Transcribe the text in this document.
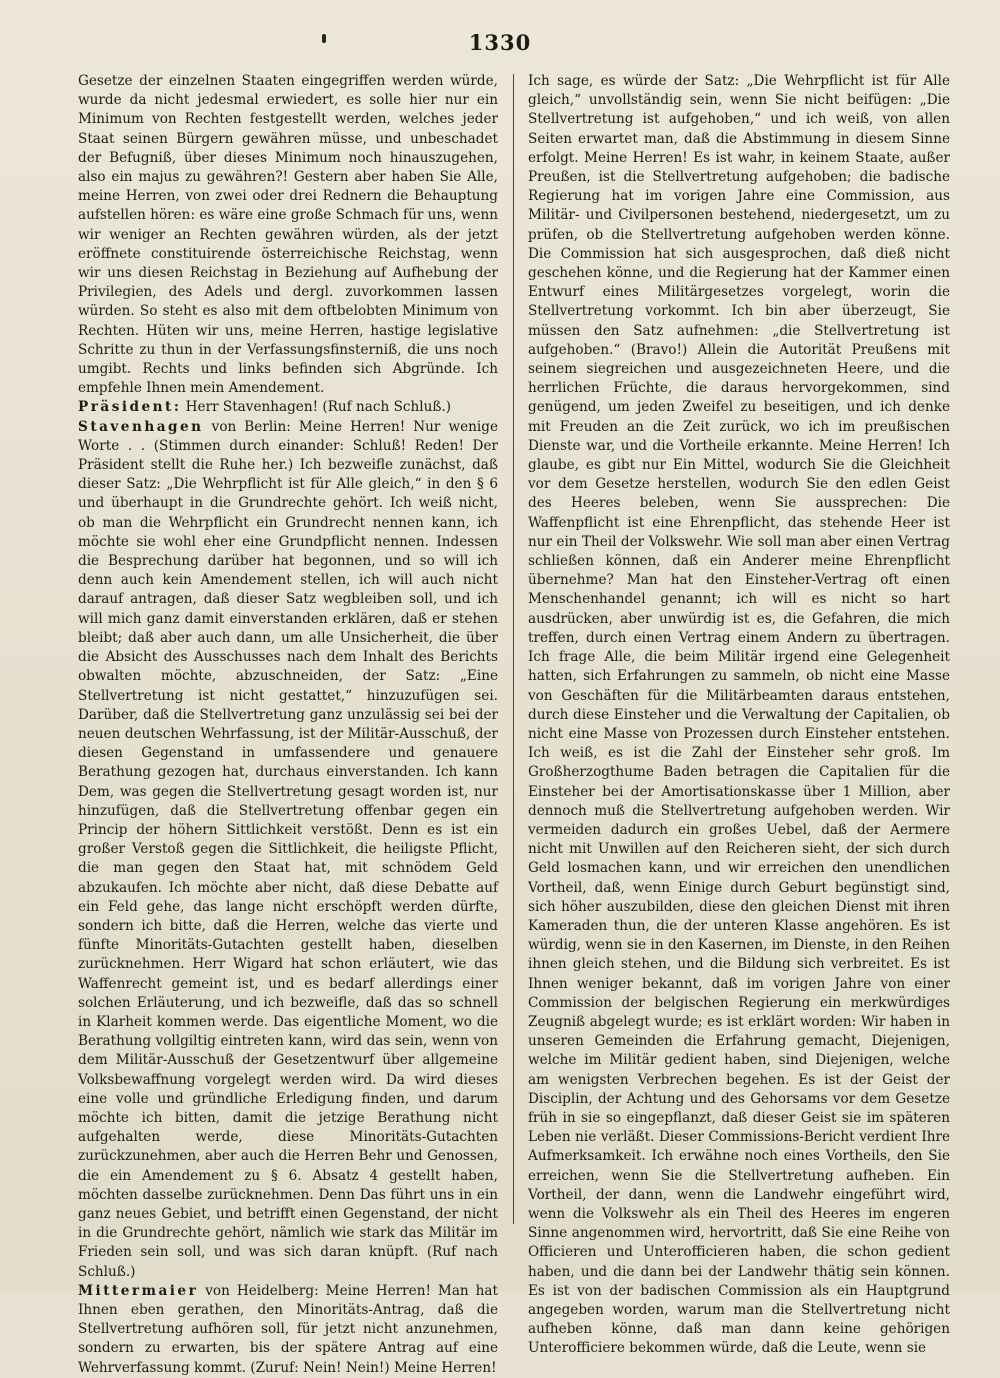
1330

Gesetze der einzelnen Staaten eingegriffen werden würde, wurde da nicht jedesmal erwiedert, es solle hier nur ein Minimum von Rechten festgestellt werden, welches jeder Staat seinen Bürgern gewähren müsse, und unbeschadet der Befugniß, über dieses Minimum noch hinauszugehen, also ein majus zu gewähren?! Gestern aber haben Sie Alle, meine Herren, von zwei oder drei Rednern die Behauptung aufstellen hören: es wäre eine große Schmach für uns, wenn wir weniger an Rechten gewähren würden, als der jetzt eröffnete constituirende österreichische Reichstag, wenn wir uns diesen Reichstag in Beziehung auf Aufhebung der Privilegien, des Adels und dergl. zuvorkommen lassen würden. So steht es also mit dem oftbelobten Minimum von Rechten. Hüten wir uns, meine Herren, hastige legislative Schritte zu thun in der Verfassungsfinsterniß, die uns noch umgibt. Rechts und links befinden sich Abgründe. Ich empfehle Ihnen mein Amendement.

Präsident: Herr Stavenhagen! (Ruf nach Schluß.)

Stavenhagen von Berlin: Meine Herren! Nur wenige Worte . . (Stimmen durch einander: Schluß! Reden! Der Präsident stellt die Ruhe her.) Ich bezweifle zunächst, daß dieser Satz: „Die Wehrpflicht ist für Alle gleich,“ in den § 6 und überhaupt in die Grundrechte gehört. Ich weiß nicht, ob man die Wehrpflicht ein Grundrecht nennen kann, ich möchte sie wohl eher eine Grundpflicht nennen. Indessen die Besprechung darüber hat begonnen, und so will ich denn auch kein Amendement stellen, ich will auch nicht darauf antragen, daß dieser Satz wegbleiben soll, und ich will mich ganz damit einverstanden erklären, daß er stehen bleibt; daß aber auch dann, um alle Unsicherheit, die über die Absicht des Ausschusses nach dem Inhalt des Berichts obwalten möchte, abzuschneiden, der Satz: „Eine Stellvertretung ist nicht gestattet,“ hinzuzufügen sei. Darüber, daß die Stellvertretung ganz unzulässig sei bei der neuen deutschen Wehrfassung, ist der Militär-Ausschuß, der diesen Gegenstand in umfassendere und genauere Berathung gezogen hat, durchaus einverstanden. Ich kann Dem, was gegen die Stellvertretung gesagt worden ist, nur hinzufügen, daß die Stellvertretung offenbar gegen ein Princip der höhern Sittlichkeit verstößt. Denn es ist ein großer Verstoß gegen die Sittlichkeit, die heiligste Pflicht, die man gegen den Staat hat, mit schnödem Geld abzukaufen. Ich möchte aber nicht, daß diese Debatte auf ein Feld gehe, das lange nicht erschöpft werden dürfte, sondern ich bitte, daß die Herren, welche das vierte und fünfte Minoritäts-Gutachten gestellt haben, dieselben zurücknehmen. Herr Wigard hat schon erläutert, wie das Waffenrecht gemeint ist, und es bedarf allerdings einer solchen Erläuterung, und ich bezweifle, daß das so schnell in Klarheit kommen werde. Das eigentliche Moment, wo die Berathung vollgiltig eintreten kann, wird das sein, wenn von dem Militär-Ausschuß der Gesetzentwurf über allgemeine Volksbewaffnung vorgelegt werden wird. Da wird dieses eine volle und gründliche Erledigung finden, und darum möchte ich bitten, damit die jetzige Berathung nicht aufgehalten werde, diese Minoritäts-Gutachten zurückzunehmen, aber auch die Herren Behr und Genossen, die ein Amendement zu § 6. Absatz 4 gestellt haben, möchten dasselbe zurücknehmen. Denn Das führt uns in ein ganz neues Gebiet, und betrifft einen Gegenstand, der nicht in die Grundrechte gehört, nämlich wie stark das Militär im Frieden sein soll, und was sich daran knüpft. (Ruf nach Schluß.)

Mittermaier von Heidelberg: Meine Herren! Man hat Ihnen eben gerathen, den Minoritäts-Antrag, daß die Stellvertretung aufhören soll, für jetzt nicht anzunehmen, sondern zu erwarten, bis der spätere Antrag auf eine Wehrverfassung kommt. (Zuruf: Nein! Nein!) Meine Herren!

Ich sage, es würde der Satz: „Die Wehrpflicht ist für Alle gleich,“ unvollständig sein, wenn Sie nicht beifügen: „Die Stellvertretung ist aufgehoben,“ und ich weiß, von allen Seiten erwartet man, daß die Abstimmung in diesem Sinne erfolgt. Meine Herren! Es ist wahr, in keinem Staate, außer Preußen, ist die Stellvertretung aufgehoben; die badische Regierung hat im vorigen Jahre eine Commission, aus Militär- und Civilpersonen bestehend, niedergesetzt, um zu prüfen, ob die Stellvertretung aufgehoben werden könne. Die Commission hat sich ausgesprochen, daß dieß nicht geschehen könne, und die Regierung hat der Kammer einen Entwurf eines Militärgesetzes vorgelegt, worin die Stellvertretung vorkommt. Ich bin aber überzeugt, Sie müssen den Satz aufnehmen: „die Stellvertretung ist aufgehoben.“ (Bravo!) Allein die Autorität Preußens mit seinem siegreichen und ausgezeichneten Heere, und die herrlichen Früchte, die daraus hervorgekommen, sind genügend, um jeden Zweifel zu beseitigen, und ich denke mit Freuden an die Zeit zurück, wo ich im preußischen Dienste war, und die Vortheile erkannte. Meine Herren! Ich glaube, es gibt nur Ein Mittel, wodurch Sie die Gleichheit vor dem Gesetze herstellen, wodurch Sie den edlen Geist des Heeres beleben, wenn Sie aussprechen: Die Waffenpflicht ist eine Ehrenpflicht, das stehende Heer ist nur ein Theil der Volkswehr. Wie soll man aber einen Vertrag schließen können, daß ein Anderer meine Ehrenpflicht übernehme? Man hat den Einsteher-Vertrag oft einen Menschenhandel genannt; ich will es nicht so hart ausdrücken, aber unwürdig ist es, die Gefahren, die mich treffen, durch einen Vertrag einem Andern zu übertragen. Ich frage Alle, die beim Militär irgend eine Gelegenheit hatten, sich Erfahrungen zu sammeln, ob nicht eine Masse von Geschäften für die Militärbeamten daraus entstehen, durch diese Einsteher und die Verwaltung der Capitalien, ob nicht eine Masse von Prozessen durch Einsteher entstehen. Ich weiß, es ist die Zahl der Einsteher sehr groß. Im Großherzogthume Baden betragen die Capitalien für die Einsteher bei der Amortisationskasse über 1 Million, aber dennoch muß die Stellvertretung aufgehoben werden. Wir vermeiden dadurch ein großes Uebel, daß der Aermere nicht mit Unwillen auf den Reicheren sieht, der sich durch Geld losmachen kann, und wir erreichen den unendlichen Vortheil, daß, wenn Einige durch Geburt begünstigt sind, sich höher auszubilden, diese den gleichen Dienst mit ihren Kameraden thun, die der unteren Klasse angehören. Es ist würdig, wenn sie in den Kasernen, im Dienste, in den Reihen ihnen gleich stehen, und die Bildung sich verbreitet. Es ist Ihnen weniger bekannt, daß im vorigen Jahre von einer Commission der belgischen Regierung ein merkwürdiges Zeugniß abgelegt wurde; es ist erklärt worden: Wir haben in unseren Gemeinden die Erfahrung gemacht, Diejenigen, welche im Militär gedient haben, sind Diejenigen, welche am wenigsten Verbrechen begehen. Es ist der Geist der Disciplin, der Achtung und des Gehorsams vor dem Gesetze früh in sie so eingepflanzt, daß dieser Geist sie im späteren Leben nie verläßt. Dieser Commissions-Bericht verdient Ihre Aufmerksamkeit. Ich erwähne noch eines Vortheils, den Sie erreichen, wenn Sie die Stellvertretung aufheben. Ein Vortheil, der dann, wenn die Landwehr eingeführt wird, wenn die Volkswehr als ein Theil des Heeres im engeren Sinne angenommen wird, hervortritt, daß Sie eine Reihe von Officieren und Unterofficieren haben, die schon gedient haben, und die dann bei der Landwehr thätig sein können. Es ist von der badischen Commission als ein Hauptgrund angegeben worden, warum man die Stellvertretung nicht aufheben könne, daß man dann keine gehörigen Unterofficiere bekommen würde, daß die Leute, wenn sie
